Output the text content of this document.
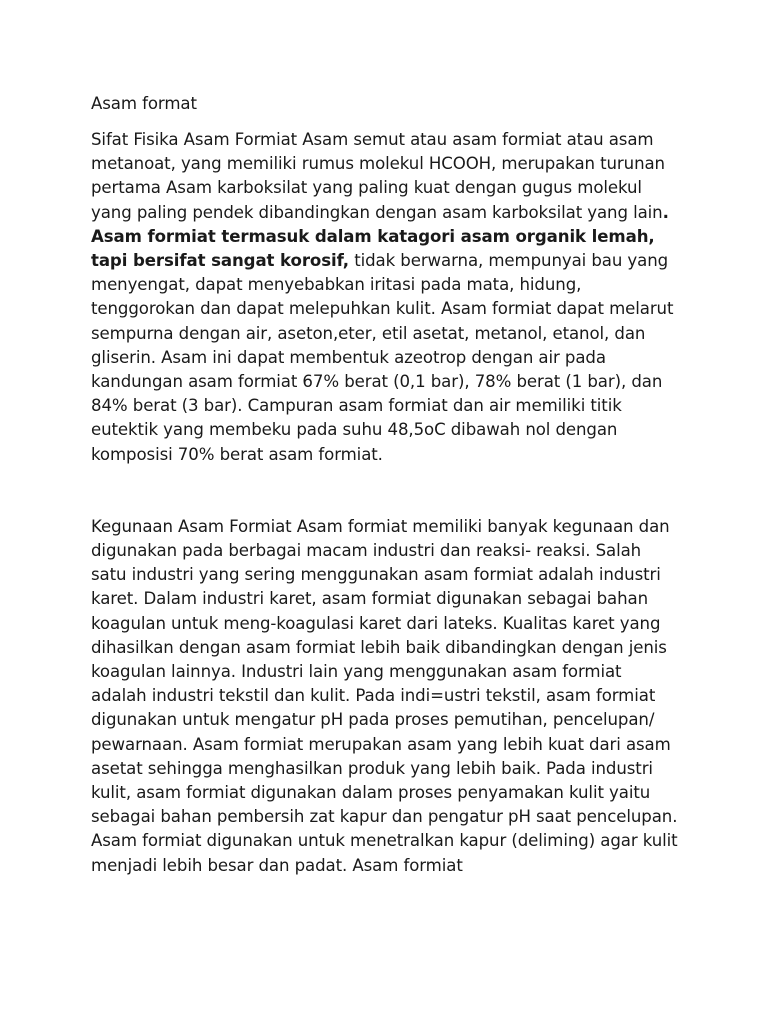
Asam format

Sifat Fisika Asam Formiat Asam semut atau asam formiat atau asam metanoat, yang memiliki rumus molekul HCOOH, merupakan turunan pertama Asam karboksilat yang paling kuat dengan gugus molekul yang paling pendek dibandingkan dengan asam karboksilat yang lain. Asam formiat termasuk dalam katagori asam organik lemah, tapi bersifat sangat korosif, tidak berwarna, mempunyai bau yang menyengat, dapat menyebabkan iritasi pada mata, hidung, tenggorokan dan dapat melepuhkan kulit. Asam formiat dapat melarut sempurna dengan air, aseton,eter, etil asetat, metanol, etanol, dan gliserin. Asam ini dapat membentuk azeotrop dengan air pada kandungan asam formiat 67% berat (0,1 bar), 78% berat (1 bar), dan 84% berat (3 bar). Campuran asam formiat dan air memiliki titik eutektik yang membeku pada suhu 48,5oC dibawah nol dengan komposisi 70% berat asam formiat.

Kegunaan Asam Formiat Asam formiat memiliki banyak kegunaan dan digunakan pada berbagai macam industri dan reaksi- reaksi. Salah satu industri yang sering menggunakan asam formiat adalah industri karet. Dalam industri karet, asam formiat digunakan sebagai bahan koagulan untuk meng-koagulasi karet dari lateks. Kualitas karet yang dihasilkan dengan asam formiat lebih baik dibandingkan dengan jenis koagulan lainnya. Industri lain yang menggunakan asam formiat adalah industri tekstil dan kulit. Pada indi=ustri tekstil, asam formiat digunakan untuk mengatur pH pada proses pemutihan, pencelupan/ pewarnaan. Asam formiat merupakan asam yang lebih kuat dari asam asetat sehingga menghasilkan produk yang lebih baik. Pada industri kulit, asam formiat digunakan dalam proses penyamakan kulit yaitu sebagai bahan pembersih zat kapur dan pengatur pH saat pencelupan. Asam formiat digunakan untuk menetralkan kapur (deliming) agar kulit menjadi lebih besar dan padat. Asam formiat
